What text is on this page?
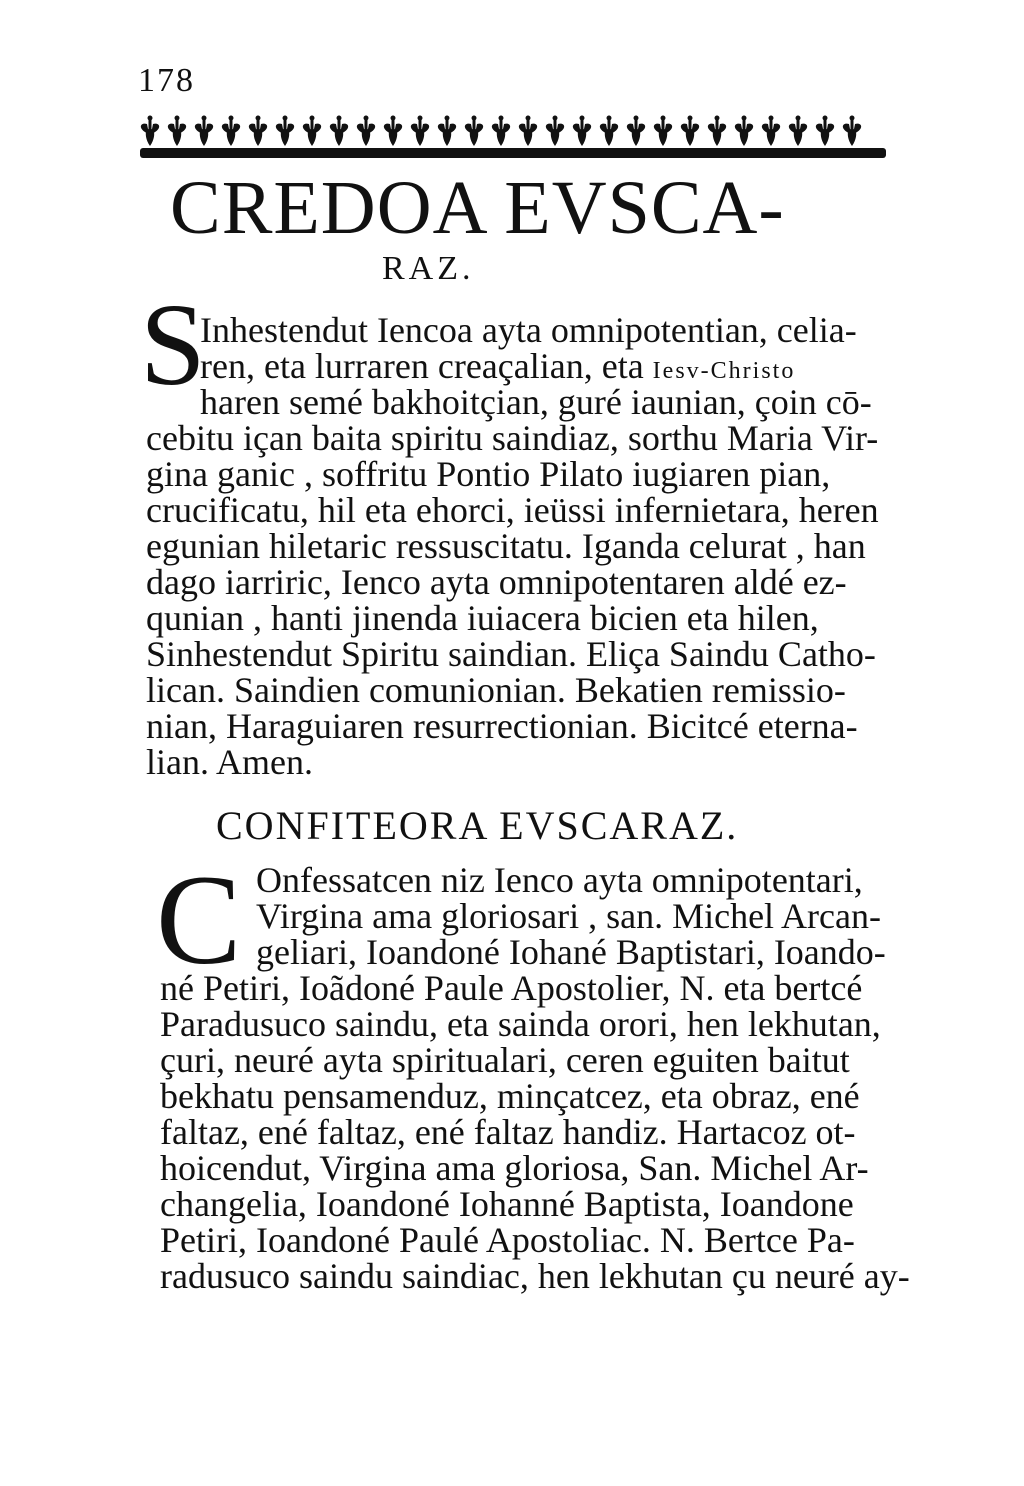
178
CREDOA EVSCA-
RAZ.
S
Inhestendut Iencoa ayta omnipotentian, celia-
ren, eta lurraren creaçalian, eta Iesv-Christo
haren semé bakhoitçian, guré iaunian, çoin cō-
cebitu içan baita spiritu saindiaz, sorthu Maria Vir-
gina ganic , soffritu Pontio Pilato iugiaren pian,
crucificatu, hil eta ehorci, ieüssi infernietara, heren
egunian hiletaric ressuscitatu. Iganda celurat , han
dago iarriric, Ienco ayta omnipotentaren aldé ez-
qunian , hanti jinenda iuiacera bicien eta hilen,
Sinhestendut Spiritu saindian. Eliça Saindu Catho-
lican. Saindien comunionian. Bekatien remissio-
nian, Haraguiaren resurrectionian. Bicitcé eterna-
lian. Amen.
CONFITEORA EVSCARAZ.
C Onfessatcen niz Ienco ayta omnipotentari,
Virgina ama gloriosari , san. Michel Arcan-
geliari, Ioandoné Iohané Baptistari, Ioando-
né Petiri, Ioãdoné Paule Apostolier, N. eta bertcé
Paradusuco saindu, eta sainda orori, hen lekhutan,
çuri, neuré ayta spiritualari, ceren eguiten baitut
bekhatu pensamenduz, minçatcez, eta obraz, ené
faltaz, ené faltaz, ené faltaz handiz. Hartacoz ot-
hoicendut, Virgina ama gloriosa, San. Michel Ar-
changelia, Ioandoné Iohanné Baptista, Ioandone
Petiri, Ioandoné Paulé Apostoliac. N. Bertce Pa-
radusuco saindu saindiac, hen lekhutan çu neuré ay-
